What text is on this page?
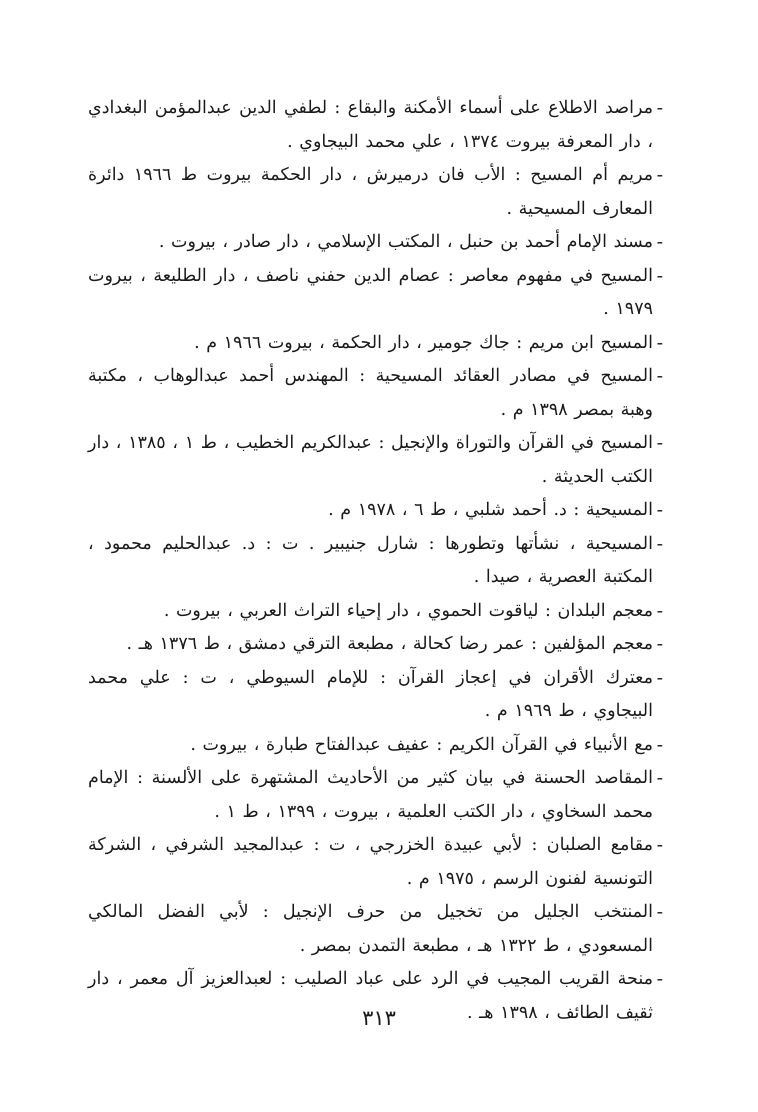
-

مراصد الاطلاع على أسماء الأمكنة والبقاع : لطفي الدين عبدالمؤمن البغدادي ، دار المعرفة بيروت ١٣٧٤ ، علي محمد البيجاوي .

-

مريم أم المسيح : الأب فان درميرش ، دار الحكمة بيروت ط ١٩٦٦ دائرة المعارف المسيحية .

-

مسند الإمام أحمد بن حنبل ، المكتب الإسلامي ، دار صادر ، بيروت .

-

المسيح في مفهوم معاصر : عصام الدين حفني ناصف ، دار الطليعة ، بيروت ١٩٧٩ .

-

المسيح ابن مريم : جاك جومير ، دار الحكمة ، بيروت ١٩٦٦ م .

-

المسيح في مصادر العقائد المسيحية : المهندس أحمد عبدالوهاب ، مكتبة وهبة بمصر ١٣٩٨ م .

-

المسيح في القرآن والتوراة والإنجيل : عبدالكريم الخطيب ، ط ١ ، ١٣٨٥ ، دار الكتب الحديثة .

-

المسيحية : د. أحمد شلبي ، ط ٦ ، ١٩٧٨ م .

-

المسيحية ، نشأتها وتطورها : شارل جنيبير . ت : د. عبدالحليم محمود ، المكتبة العصرية ، صيدا .

-

معجم البلدان : لياقوت الحموي ، دار إحياء التراث العربي ، بيروت .

-

معجم المؤلفين : عمر رضا كحالة ، مطبعة الترقي دمشق ، ط ١٣٧٦ هـ .

-

معترك الأقران في إعجاز القرآن : للإمام السيوطي ، ت : علي محمد البيجاوي ، ط ١٩٦٩ م .

-

مع الأنبياء في القرآن الكريم : عفيف عبدالفتاح طبارة ، بيروت .

-

المقاصد الحسنة في بيان كثير من الأحاديث المشتهرة على الألسنة : الإمام محمد السخاوي ، دار الكتب العلمية ، بيروت ، ١٣٩٩ ، ط ١ .

-

مقامع الصلبان : لأبي عبيدة الخزرجي ، ت : عبدالمجيد الشرفي ، الشركة التونسية لفنون الرسم ، ١٩٧٥ م .

-

المنتخب الجليل من تخجيل من حرف الإنجيل : لأبي الفضل المالكي المسعودي ، ط ١٣٢٢ هـ ، مطبعة التمدن بمصر .

-

منحة القريب المجيب في الرد على عباد الصليب : لعبدالعزيز آل معمر ، دار ثقيف الطائف ، ١٣٩٨ هـ .

٣١٣
